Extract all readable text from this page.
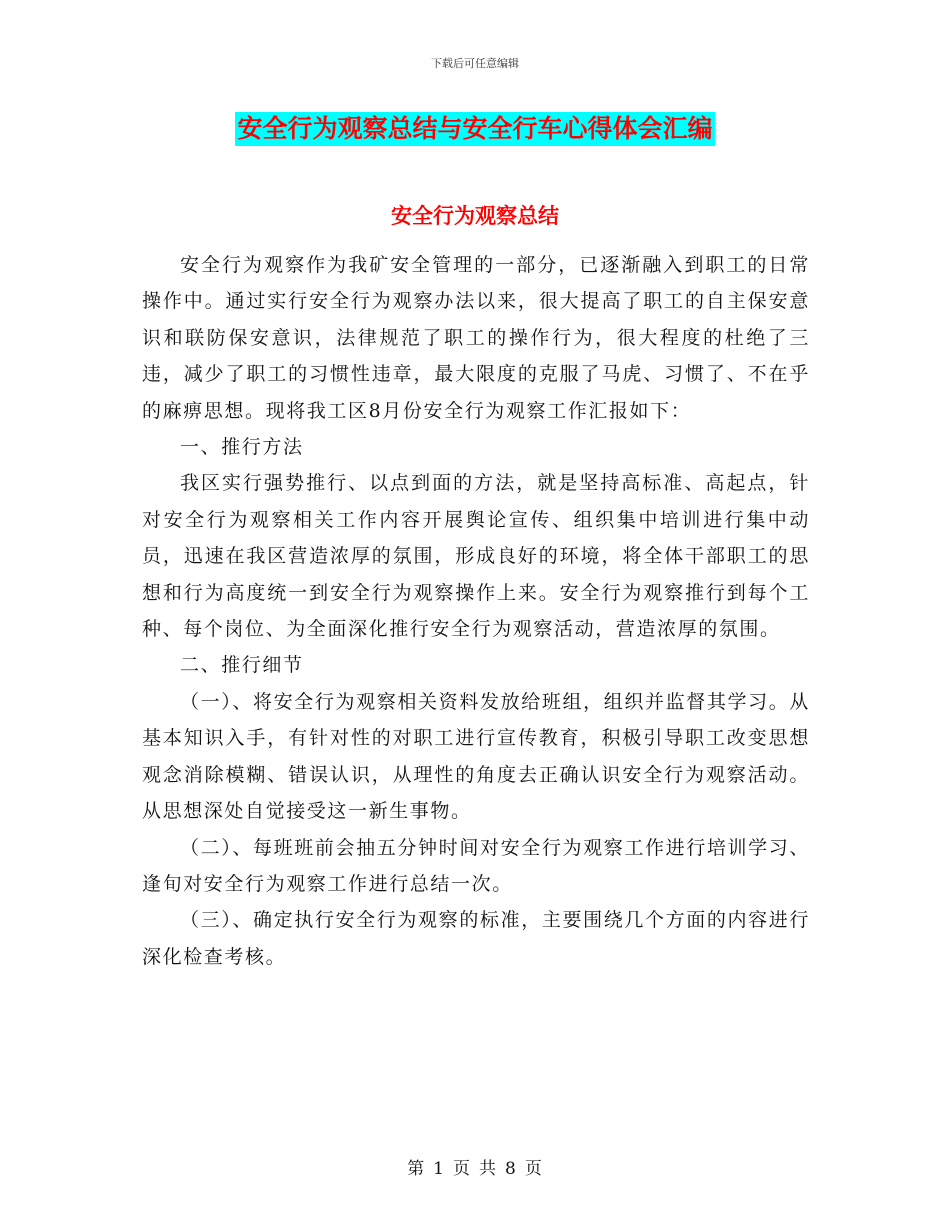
下载后可任意编辑
安全行为观察总结与安全行车心得体会汇编
安全行为观察总结

安全行为观察作为我矿安全管理的一部分，已逐渐融入到职工的日常操作中。通过实行安全行为观察办法以来，很大提高了职工的自主保安意识和联防保安意识，法律规范了职工的操作行为，很大程度的杜绝了三违，减少了职工的习惯性违章，最大限度的克服了马虎、习惯了、不在乎的麻痹思想。现将我工区8月份安全行为观察工作汇报如下：

一、推行方法

我区实行强势推行、以点到面的方法，就是坚持高标准、高起点，针对安全行为观察相关工作内容开展舆论宣传、组织集中培训进行集中动员，迅速在我区营造浓厚的氛围，形成良好的环境，将全体干部职工的思想和行为高度统一到安全行为观察操作上来。安全行为观察推行到每个工种、每个岗位、为全面深化推行安全行为观察活动，营造浓厚的氛围。

二、推行细节

（一）、将安全行为观察相关资料发放给班组，组织并监督其学习。从基本知识入手，有针对性的对职工进行宣传教育，积极引导职工改变思想观念消除模糊、错误认识，从理性的角度去正确认识安全行为观察活动。从思想深处自觉接受这一新生事物。

（二）、每班班前会抽五分钟时间对安全行为观察工作进行培训学习、逢旬对安全行为观察工作进行总结一次。

（三）、确定执行安全行为观察的标准，主要围绕几个方面的内容进行深化检查考核。

第 1 页 共 8 页
